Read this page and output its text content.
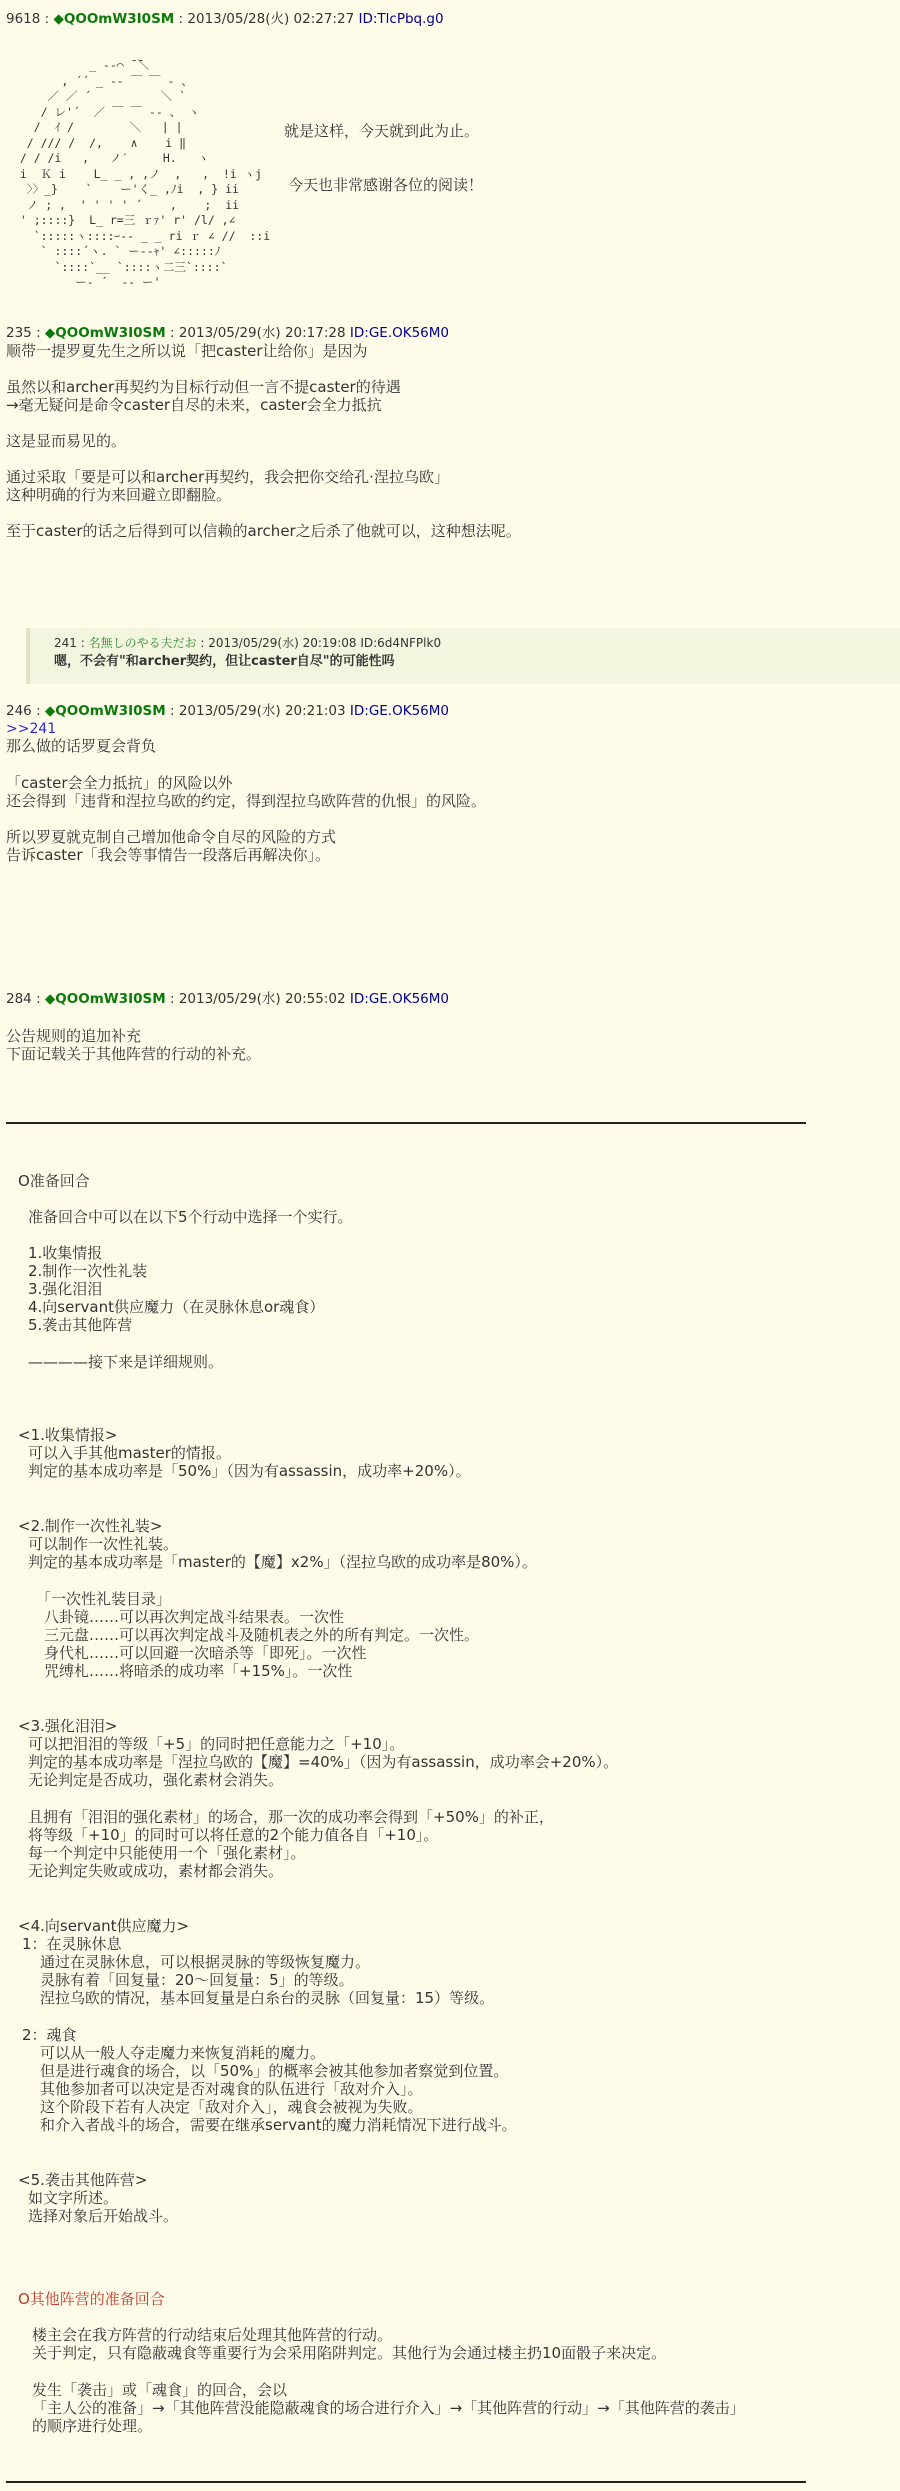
9618 : ◆QOOmW3I0SM : 2013/05/28(火) 02:27:27 ID:TlcPbq.g0
_ -‐⌒ ̄ ̄＼
, ´´ _ -‐ ￣ ￣ ‐ 、
／ ／ ´          ＼ `
/ レ'´  ／ ￣ ￣ ‐- 、 ヽ
/  ｲ /        ＼   | |
/ /// /  /,    ∧    i ‖
/ / /i   ,   ノ′     H.   ヽ
i  Ｋ i    L_ _ , ,ノ  ,   ,  !i ヽj
〉〉_}    `    ー'く_ ,ﾉi  , } ii
ノ ; ,  ' ' ' ' ´    ,    ;  ii
' ;::::}  L_ r=三 ｒｧ' r' /l/ ,∠
`:::::ヽ::::ｰ-- _ _ ri ｒ ∠ //  ::i
` ::::´ヽ. ` ー--ｬ' ∠:::::ﾉ
`::::`__ `::::ヽ二三`::::`
ー‐ ´  -- ー'
就是这样，今天就到此为止。
今天也非常感谢各位的阅读！
235 : ◆QOOmW3I0SM : 2013/05/29(水) 20:17:28 ID:GE.OK56M0
顺带一提罗夏先生之所以说「把caster让给你」是因为
虽然以和archer再契约为目标行动但一言不提caster的待遇
→毫无疑问是命令caster自尽的未来，caster会全力抵抗
这是显而易见的。
通过采取「要是可以和archer再契约，我会把你交给孔·涅拉乌欧」
这种明确的行为来回避立即翻脸。
至于caster的话之后得到可以信赖的archer之后杀了他就可以，这种想法呢。
241 : 名無しのやる夫だお : 2013/05/29(水) 20:19:08 ID:6d4NFPlk0
嗯，不会有"和archer契约，但让caster自尽"的可能性吗
246 : ◆QOOmW3I0SM : 2013/05/29(水) 20:21:03 ID:GE.OK56M0
>>241
那么做的话罗夏会背负
「caster会全力抵抗」的风险以外
还会得到「违背和涅拉乌欧的约定，得到涅拉乌欧阵营的仇恨」的风险。
所以罗夏就克制自己增加他命令自尽的风险的方式
告诉caster「我会等事情告一段落后再解决你」。
284 : ◆QOOmW3I0SM : 2013/05/29(水) 20:55:02 ID:GE.OK56M0
公告规则的追加补充
下面记载关于其他阵营的行动的补充。
O准备回合
准备回合中可以在以下5个行动中选择一个实行。
1.收集情报
2.制作一次性礼装
3.强化泪泪
4.向servant供应魔力（在灵脉休息or魂食）
5.袭击其他阵营
————接下来是详细规则。
<1.收集情报>
可以入手其他master的情报。
判定的基本成功率是「50%」（因为有assassin，成功率+20%）。
<2.制作一次性礼装>
可以制作一次性礼装。
判定的基本成功率是「master的【魔】x2%」（涅拉乌欧的成功率是80%）。
「一次性礼装目录」
八卦镜……可以再次判定战斗结果表。一次性
三元盘……可以再次判定战斗及随机表之外的所有判定。一次性。
身代札……可以回避一次暗杀等「即死」。一次性
咒缚札……将暗杀的成功率「+15%」。一次性
<3.强化泪泪>
可以把泪泪的等级「+5」的同时把任意能力之「+10」。
判定的基本成功率是「涅拉乌欧的【魔】=40%」（因为有assassin，成功率会+20%）。
无论判定是否成功，强化素材会消失。
且拥有「泪泪的强化素材」的场合，那一次的成功率会得到「+50%」的补正，
将等级「+10」的同时可以将任意的2个能力值各自「+10」。
每一个判定中只能使用一个「强化素材」。
无论判定失败或成功，素材都会消失。
<4.向servant供应魔力>
1：在灵脉休息
通过在灵脉休息，可以根据灵脉的等级恢复魔力。
灵脉有着「回复量：20～回复量：5」的等级。
涅拉乌欧的情况，基本回复量是白糸台的灵脉（回复量：15）等级。
2：魂食
可以从一般人夺走魔力来恢复消耗的魔力。
但是进行魂食的场合，以「50%」的概率会被其他参加者察觉到位置。
其他参加者可以决定是否对魂食的队伍进行「敌对介入」。
这个阶段下若有人决定「敌对介入」，魂食会被视为失败。
和介入者战斗的场合，需要在继承servant的魔力消耗情况下进行战斗。
<5.袭击其他阵营>
如文字所述。
选择对象后开始战斗。
O其他阵营的准备回合
楼主会在我方阵营的行动结束后处理其他阵营的行动。
关于判定，只有隐蔽魂食等重要行为会采用陷阱判定。其他行为会通过楼主扔10面骰子来决定。
发生「袭击」或「魂食」的回合，会以
「主人公的准备」→「其他阵营没能隐蔽魂食的场合进行介入」→「其他阵营的行动」→「其他阵营的袭击」
的顺序进行处理。
